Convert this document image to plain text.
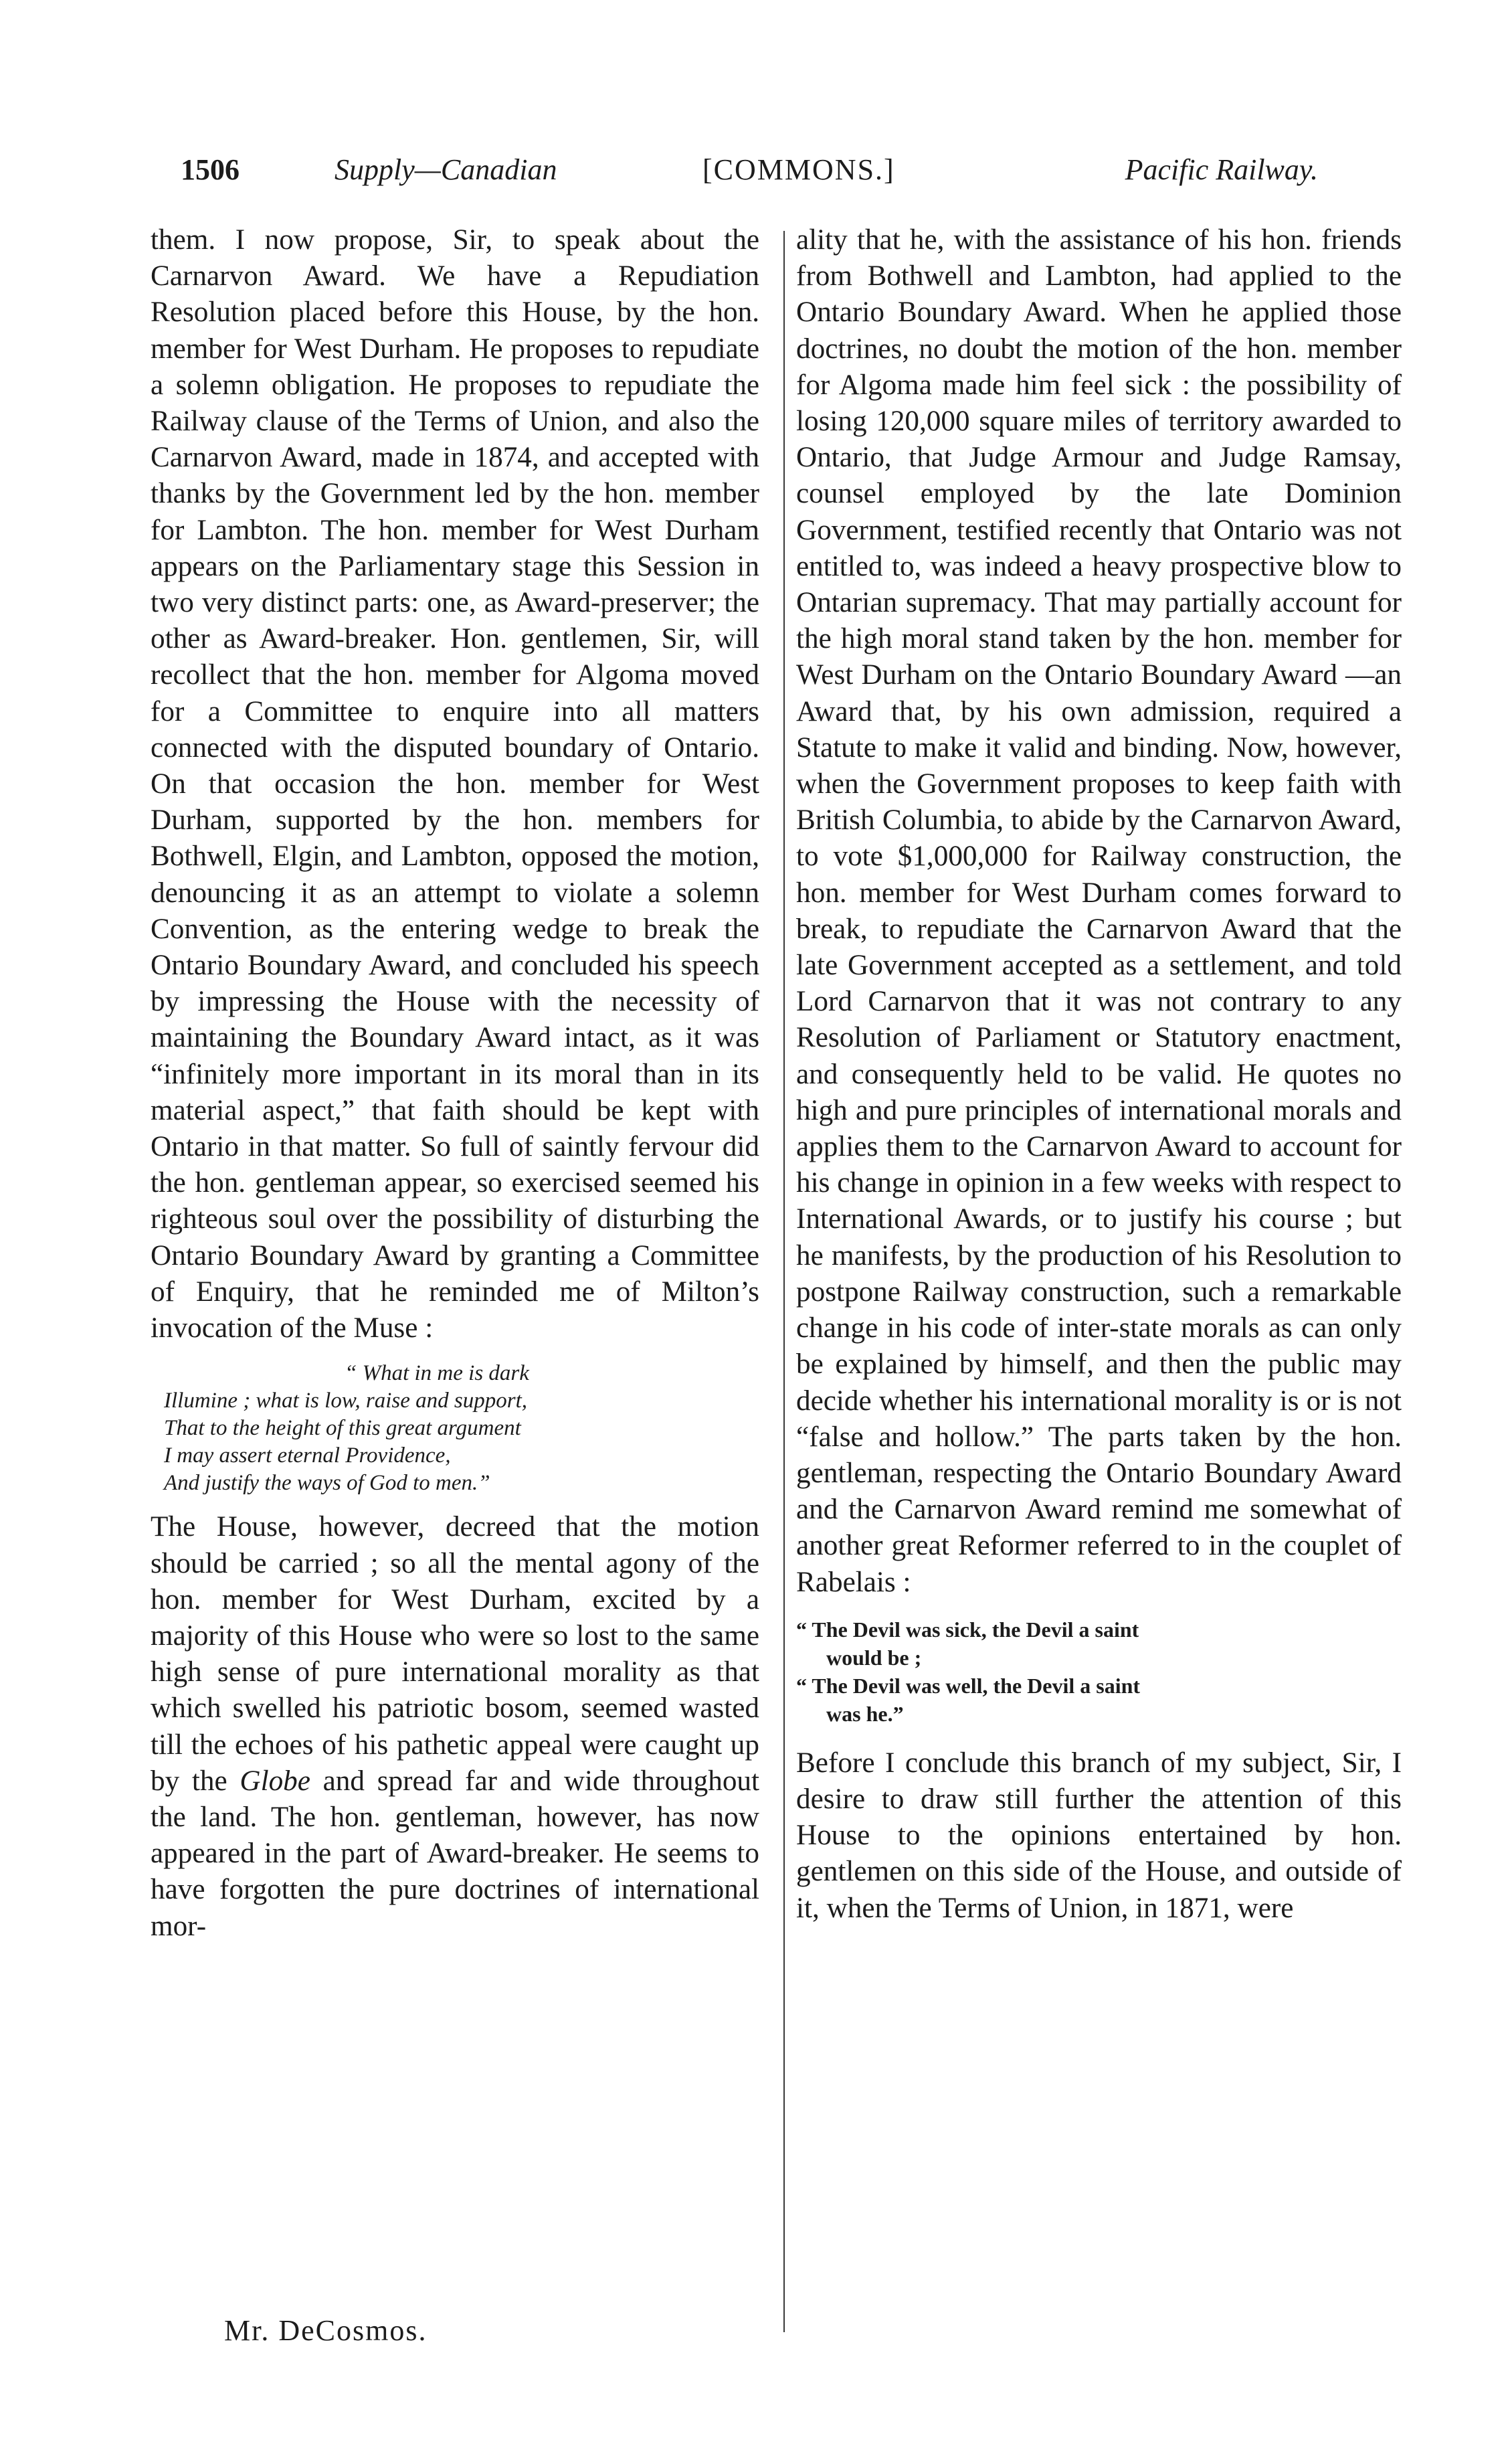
1506	Supply—Canadian	[COMMONS.]	Pacific Railway.

them. I now propose, Sir, to speak about the Carnarvon Award. We have a Repudiation Resolution placed before this House, by the hon. member for West Durham. He proposes to repudiate a solemn obligation. He proposes to repudiate the Railway clause of the Terms of Union, and also the Carnarvon Award, made in 1874, and accepted with thanks by the Government led by the hon. member for Lambton. The hon. member for West Durham appears on the Parliamentary stage this Session in two very distinct parts: one, as Award-preserver; the other as Award-breaker. Hon. gentlemen, Sir, will recollect that the hon. member for Algoma moved for a Committee to enquire into all matters connected with the disputed boundary of Ontario. On that occasion the hon. member for West Durham, supported by the hon. members for Bothwell, Elgin, and Lambton, opposed the motion, denouncing it as an attempt to violate a solemn Convention, as the entering wedge to break the Ontario Boundary Award, and concluded his speech by impressing the House with the necessity of maintaining the Boundary Award intact, as it was “infinitely more important in its moral than in its material aspect,” that faith should be kept with Ontario in that matter. So full of saintly fervour did the hon. gentleman appear, so exercised seemed his righteous soul over the possibility of disturbing the Ontario Boundary Award by granting a Committee of Enquiry, that he reminded me of Milton’s invocation of the Muse :

“ What in me is dark
Illumine ; what is low, raise and support,
That to the height of this great argument
I may assert eternal Providence,
And justify the ways of God to men.”

The House, however, decreed that the motion should be carried ; so all the mental agony of the hon. member for West Durham, excited by a majority of this House who were so lost to the same high sense of pure international morality as that which swelled his patriotic bosom, seemed wasted till the echoes of his pathetic appeal were caught up by the Globe and spread far and wide throughout the land. The hon. gentleman, however, has now appeared in the part of Award-breaker. He seems to have forgotten the pure doctrines of international mor-

ality that he, with the assistance of his hon. friends from Bothwell and Lambton, had applied to the Ontario Boundary Award. When he applied those doctrines, no doubt the motion of the hon. member for Algoma made him feel sick : the possibility of losing 120,000 square miles of territory awarded to Ontario, that Judge Armour and Judge Ramsay, counsel employed by the late Dominion Government, testified recently that Ontario was not entitled to, was indeed a heavy prospective blow to Ontarian supremacy. That may partially account for the high moral stand taken by the hon. member for West Durham on the Ontario Boundary Award —an Award that, by his own admission, required a Statute to make it valid and binding. Now, however, when the Government proposes to keep faith with British Columbia, to abide by the Carnarvon Award, to vote $1,000,000 for Railway construction, the hon. member for West Durham comes forward to break, to repudiate the Carnarvon Award that the late Government accepted as a settlement, and told Lord Carnarvon that it was not contrary to any Resolution of Parliament or Statutory enactment, and consequently held to be valid. He quotes no high and pure principles of international morals and applies them to the Carnarvon Award to account for his change in opinion in a few weeks with respect to International Awards, or to justify his course ; but he manifests, by the production of his Resolution to postpone Railway construction, such a remarkable change in his code of inter-state morals as can only be explained by himself, and then the public may decide whether his international morality is or is not “false and hollow.” The parts taken by the hon. gentleman, respecting the Ontario Boundary Award and the Carnarvon Award remind me somewhat of another great Reformer referred to in the couplet of Rabelais :

“ The Devil was sick, the Devil a saint
would be ;
“ The Devil was well, the Devil a saint
was he.”

Before I conclude this branch of my subject, Sir, I desire to draw still further the attention of this House to the opinions entertained by hon. gentlemen on this side of the House, and outside of it, when the Terms of Union, in 1871, were

Mr. DeCosmos.
